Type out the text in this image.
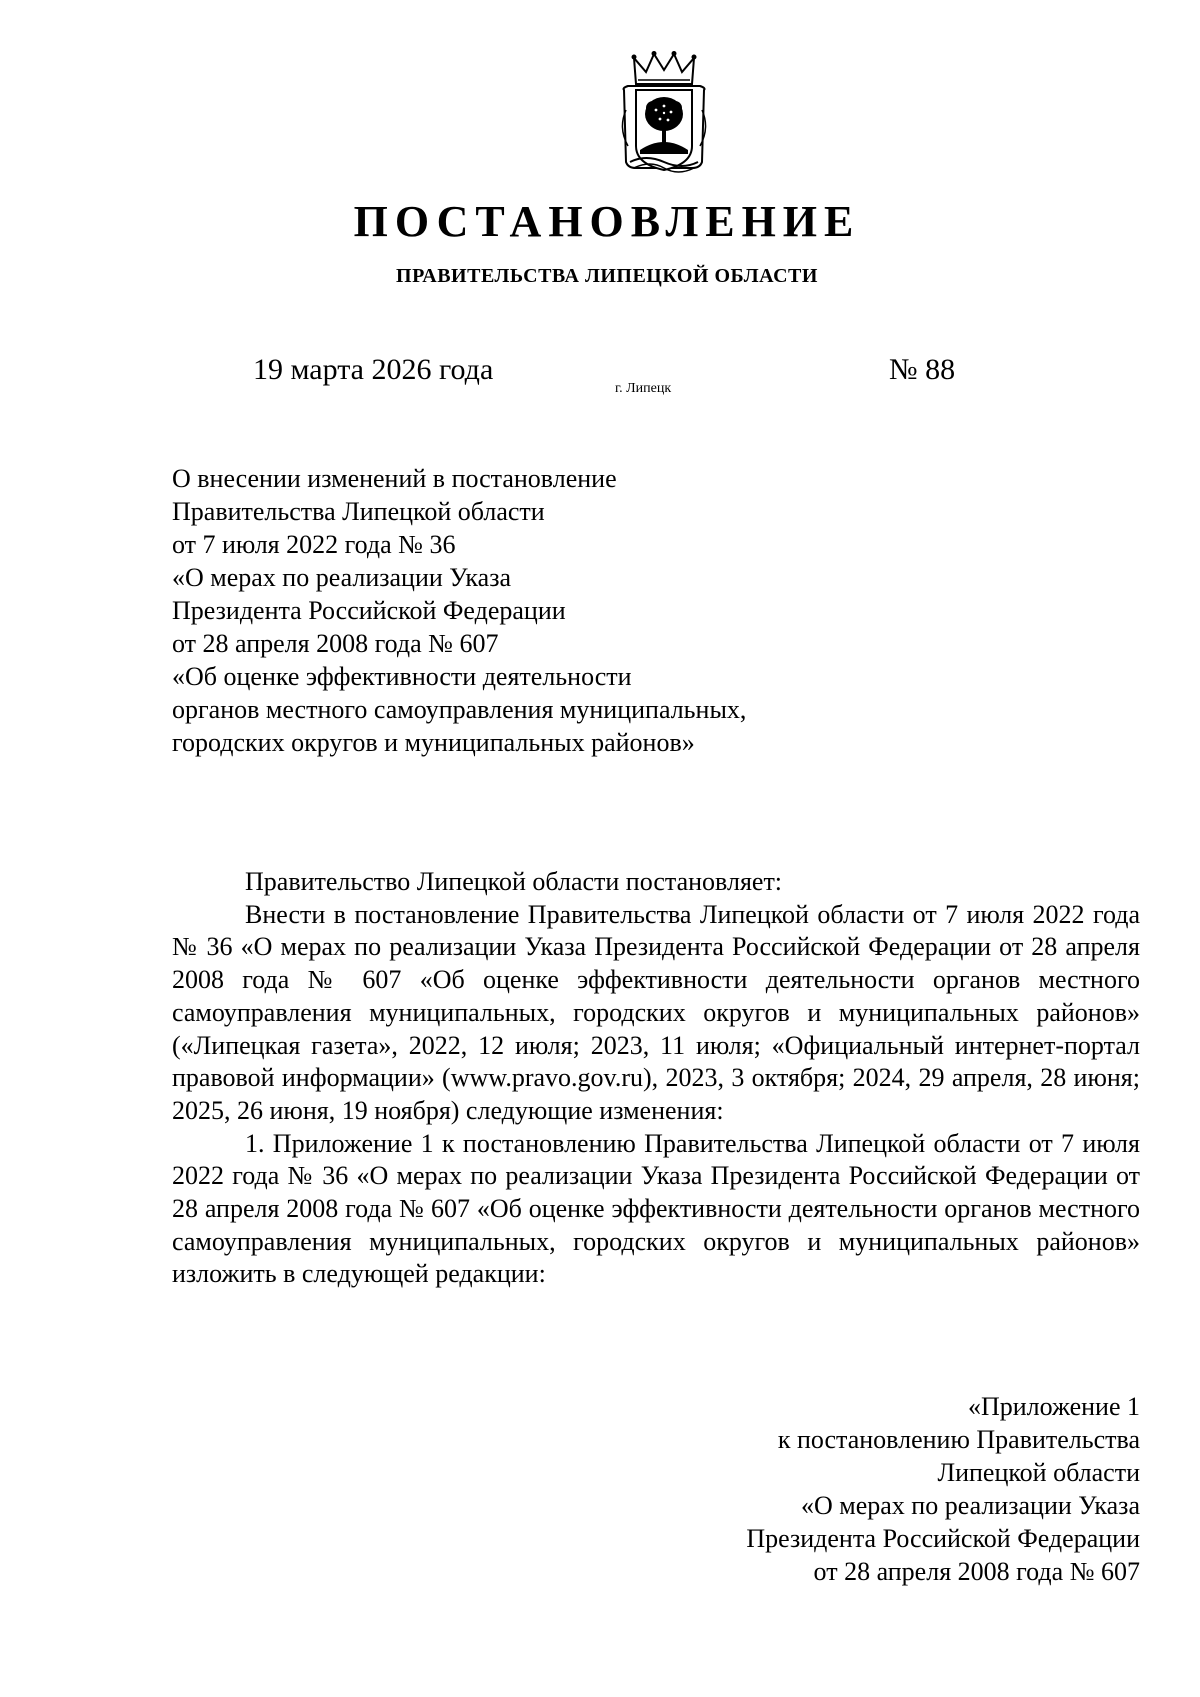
ПОСТАНОВЛЕНИЕ
ПРАВИТЕЛЬСТВА ЛИПЕЦКОЙ ОБЛАСТИ
19 марта 2026 года
г. Липецк
№ 88
О внесении изменений в постановление
Правительства Липецкой области
от 7 июля 2022 года № 36
«О мерах по реализации Указа
Президента Российской Федерации
от 28 апреля 2008 года № 607
«Об оценке эффективности деятельности
органов местного самоуправления муниципальных,
городских округов и муниципальных районов»

Правительство Липецкой области постановляет:

Внести в постановление Правительства Липецкой области от 7 июля 2022 года № 36 «О мерах по реализации Указа Президента Российской Федерации от 28 апреля 2008 года № 607 «Об оценке эффективности деятельности органов местного самоуправления муниципальных, городских округов и муниципальных районов» («Липецкая газета», 2022, 12 июля; 2023, 11 июля; «Официальный интернет-портал правовой информации» (www.pravo.gov.ru), 2023, 3 октября; 2024, 29 апреля, 28 июня; 2025, 26 июня, 19 ноября) следующие изменения:

1. Приложение 1 к постановлению Правительства Липецкой области от 7 июля 2022 года № 36 «О мерах по реализации Указа Президента Российской Федерации от 28 апреля 2008 года № 607 «Об оценке эффективности деятельности органов местного самоуправления муниципальных, городских округов и муниципальных районов» изложить в следующей редакции:

«Приложение 1
к постановлению Правительства
Липецкой области
«О мерах по реализации Указа
Президента Российской Федерации
от 28 апреля 2008 года № 607
